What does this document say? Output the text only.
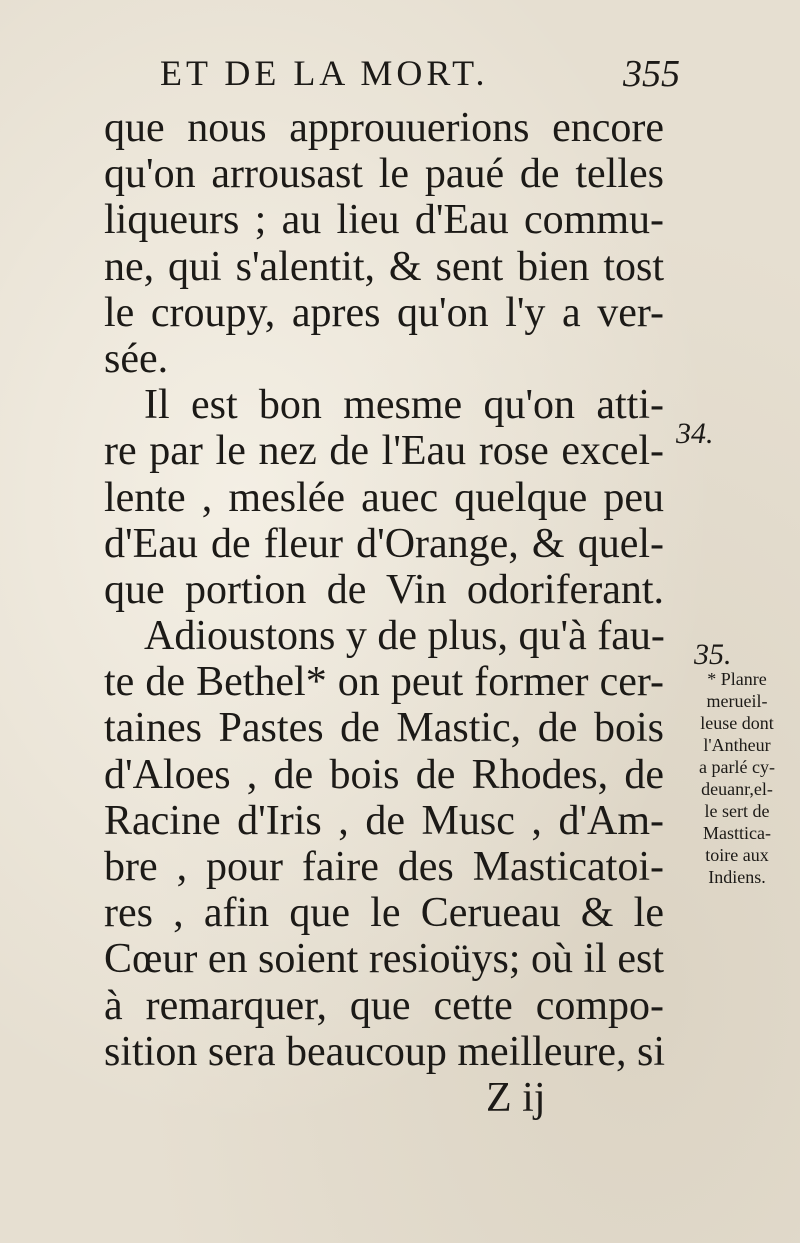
ET DE LA MORT.	355
que nous approuuerions encore
qu'on arrousast le paué de telles
liqueurs ; au lieu d'Eau commu-
ne, qui s'alentit, & sent bien tost
le croupy, apres qu'on l'y a ver-
sée.
Il est bon mesme qu'on atti-
re par le nez de l'Eau rose excel-
lente , meslée auec quelque peu
d'Eau de fleur d'Orange, & quel-
que portion de Vin odoriferant.
Adioustons y de plus, qu'à fau-
te de Bethel* on peut former cer-
taines Pastes de Mastic, de bois
d'Aloes , de bois de Rhodes, de
Racine d'Iris , de Musc , d'Am-
bre , pour faire des Masticatoi-
res , afin que le Cerueau & le
Cœur en soient resioüys; où il est
à remarquer, que cette compo-
sition sera beaucoup meilleure, si
Z ij
34.
35.
* Planre
merueil-
leuse dont
l'Antheur
a parlé cy-
deuanr,el-
le sert de
Masttica-
toire aux
Indiens.
